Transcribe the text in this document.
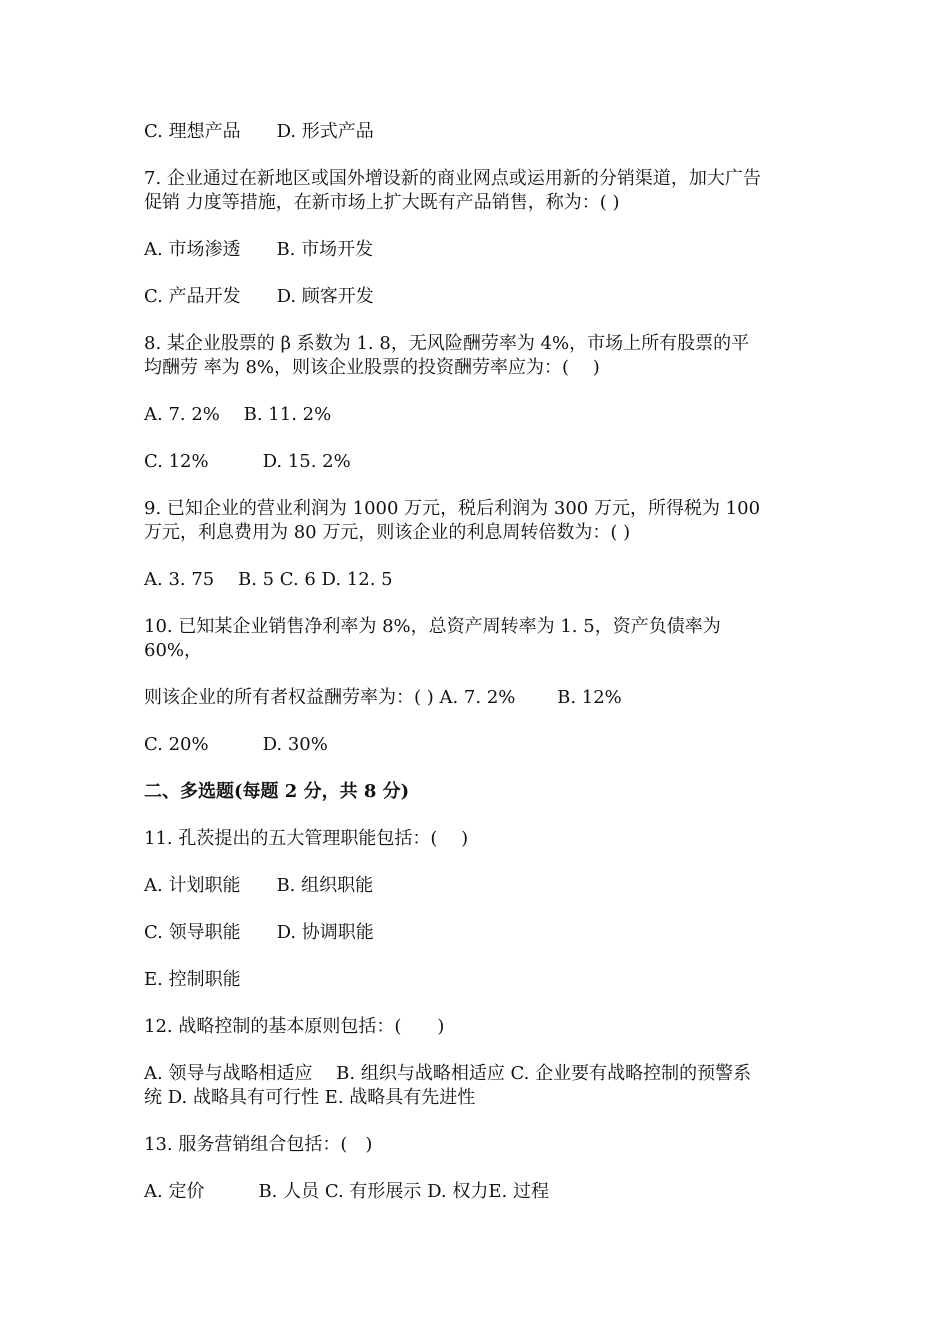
C. 理想产品　　D. 形式产品
7. 企业通过在新地区或国外增设新的商业网点或运用新的分销渠道，加大广告
促销 力度等措施，在新市场上扩大既有产品销售，称为：( )
A. 市场渗透　　B. 市场开发
C. 产品开发　　D. 顾客开发
8. 某企业股票的 β 系数为 1. 8，无风险酬劳率为 4%，市场上所有股票的平
均酬劳 率为 8%，则该企业股票的投资酬劳率应为：(　 )
A. 7. 2%　 B. 11. 2%
C. 12%　　　D. 15. 2%
9. 已知企业的营业利润为 1000 万元，税后利润为 300 万元，所得税为 100
万元，利息费用为 80 万元，则该企业的利息周转倍数为：( )
A. 3. 75　 B. 5 C. 6 D. 12. 5
10. 已知某企业销售净利率为 8%，总资产周转率为 1. 5，资产负债率为
60%，
则该企业的所有者权益酬劳率为：( ) A. 7. 2%　　 B. 12%
C. 20%　　　D. 30%
二、多选题(每题 2 分，共 8 分)
11. 孔茨提出的五大管理职能包括：(　 )
A. 计划职能　　B. 组织职能
C. 领导职能　　D. 协调职能
E. 控制职能
12. 战略控制的基本原则包括：(　　)
A. 领导与战略相适应　 B. 组织与战略相适应 C. 企业要有战略控制的预警系
统 D. 战略具有可行性 E. 战略具有先进性
13. 服务营销组合包括：(　)
A. 定价　　　B. 人员 C. 有形展示 D. 权力E. 过程
